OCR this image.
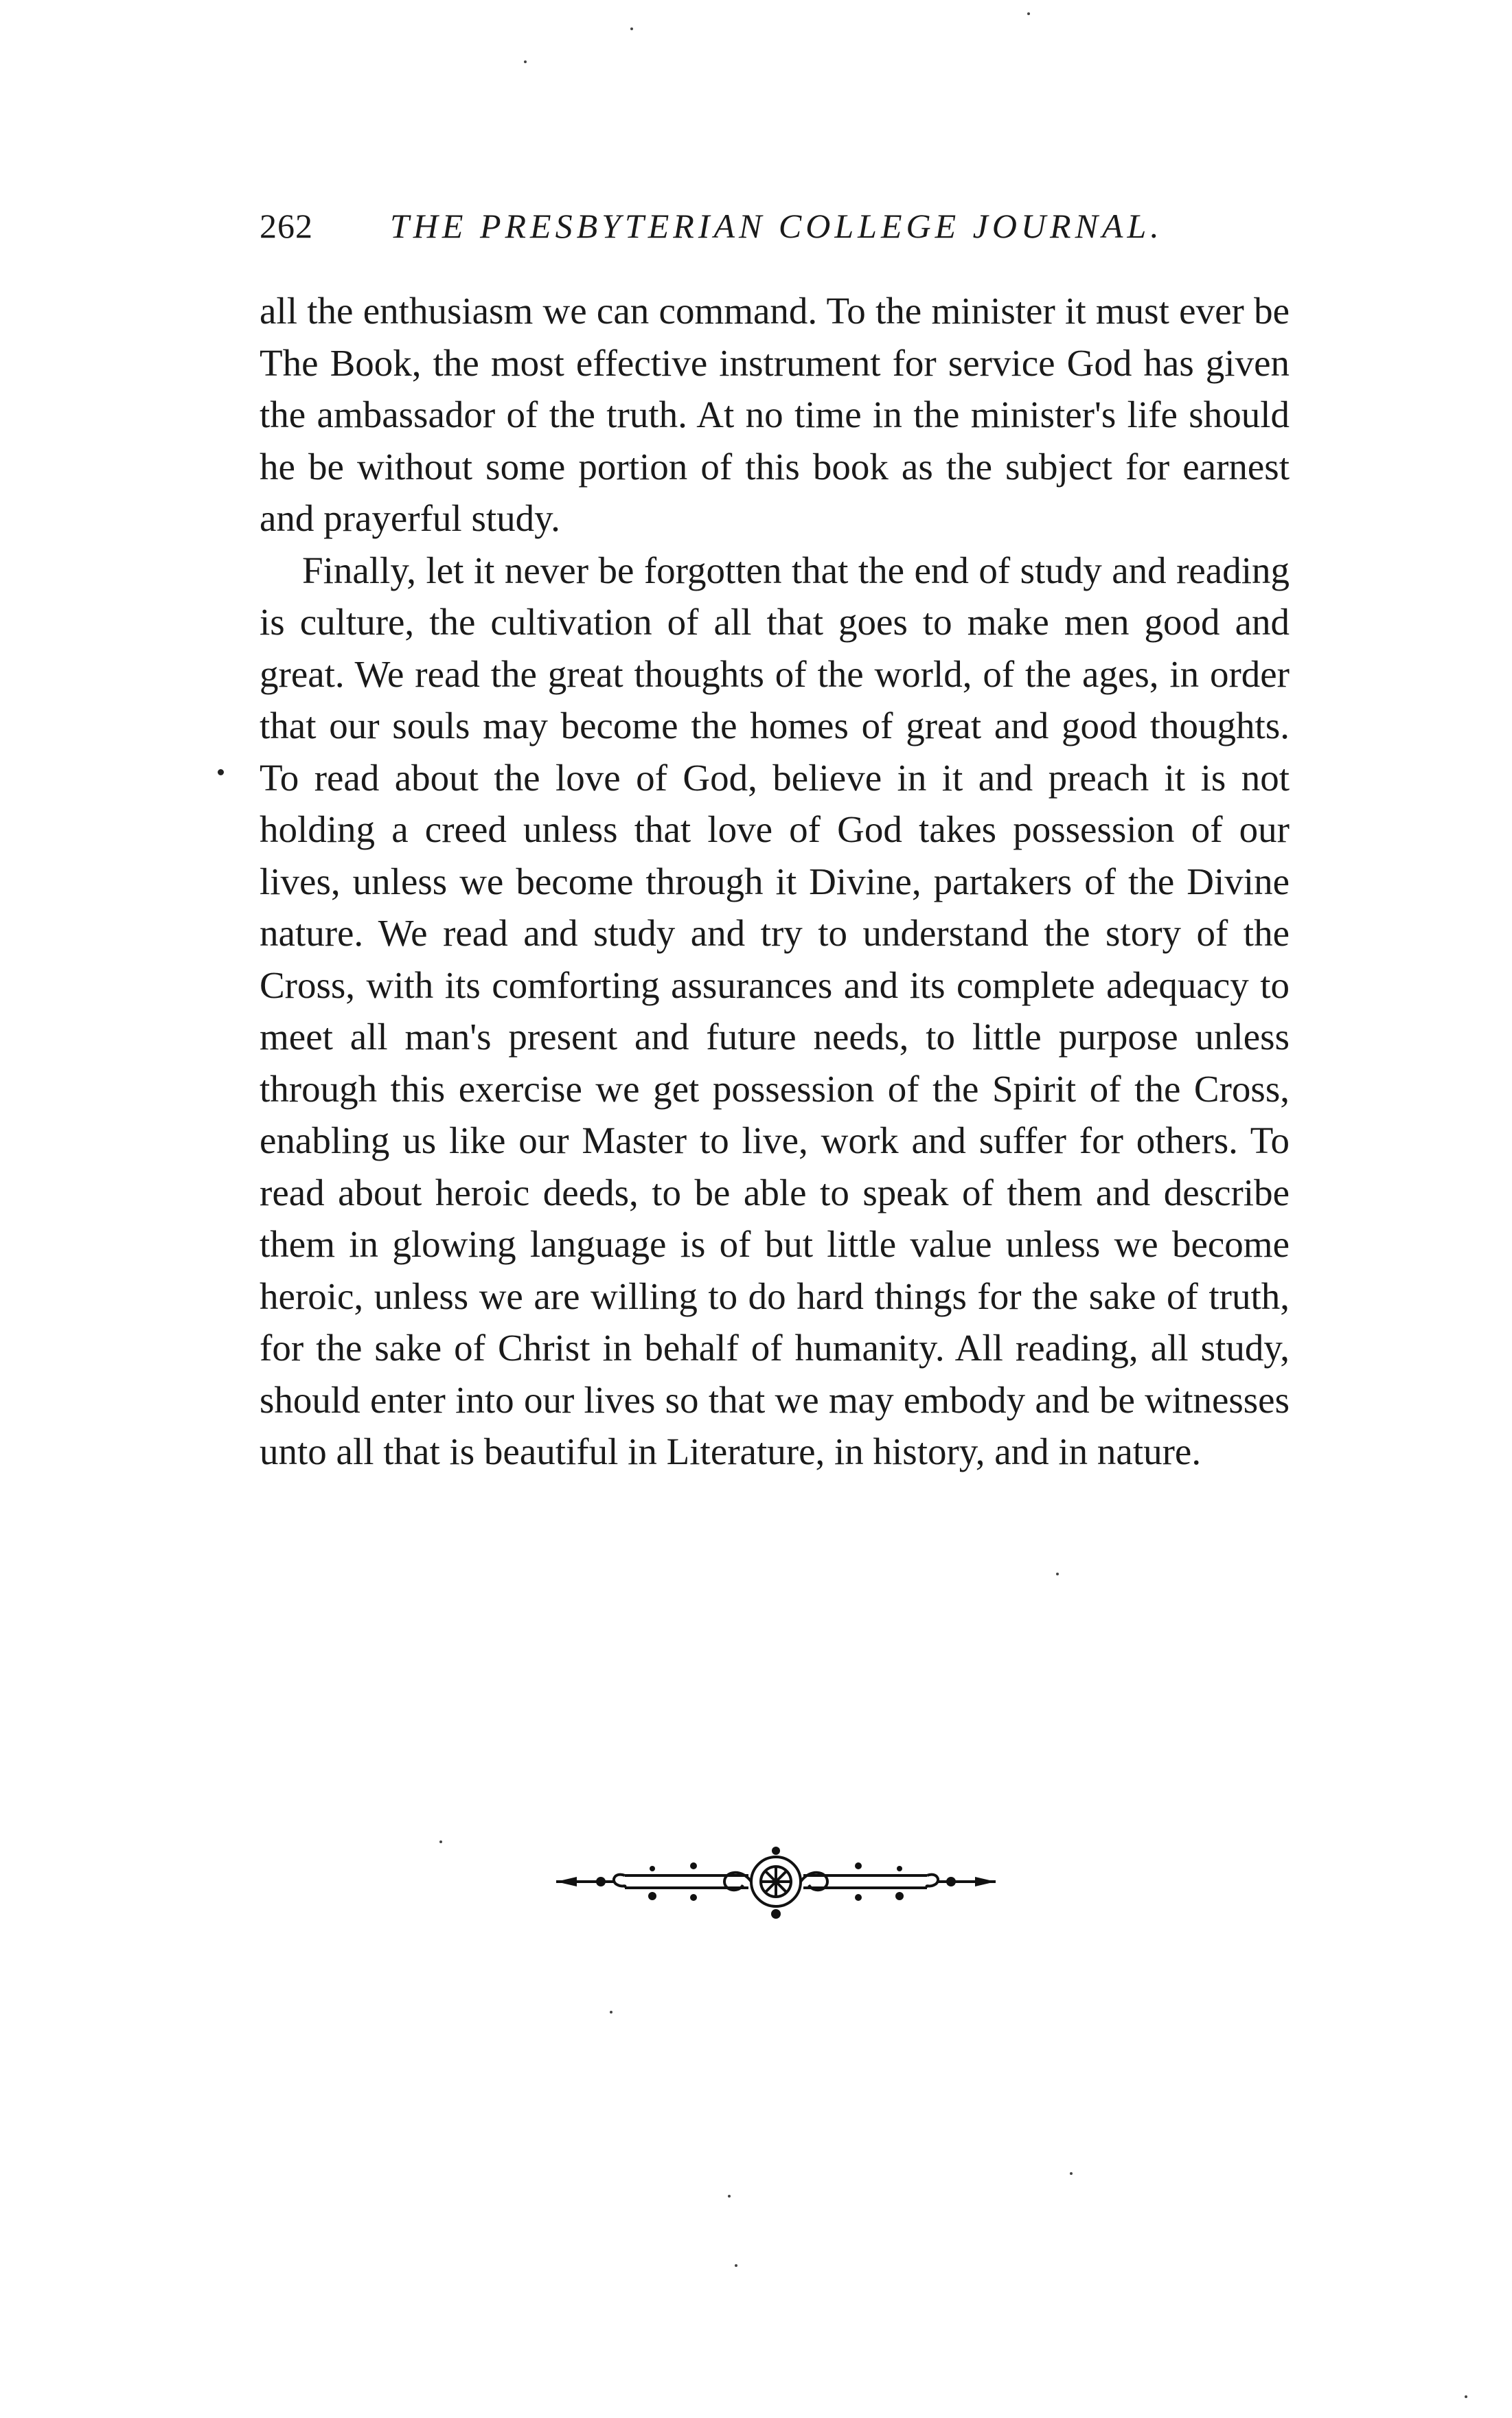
262 THE PRESBYTERIAN COLLEGE JOURNAL.

all the enthusiasm we can command. To the minister it must ever be The Book, the most effective instrument for service God has given the ambassador of the truth. At no time in the minister's life should he be without some portion of this book as the subject for earnest and prayerful study.

Finally, let it never be forgotten that the end of study and reading is culture, the cultivation of all that goes to make men good and great. We read the great thoughts of the world, of the ages, in order that our souls may become the homes of great and good thoughts. To read about the love of God, believe in it and preach it is not holding a creed unless that love of God takes possession of our lives, unless we become through it Divine, partakers of the Divine nature. We read and study and try to understand the story of the Cross, with its comforting assurances and its complete adequacy to meet all man's present and future needs, to little purpose unless through this exercise we get possession of the Spirit of the Cross, enabling us like our Master to live, work and suffer for others. To read about heroic deeds, to be able to speak of them and describe them in glowing language is of but little value unless we become heroic, unless we are willing to do hard things for the sake of truth, for the sake of Christ in behalf of humanity. All reading, all study, should enter into our lives so that we may embody and be witnesses unto all that is beautiful in Literature, in history, and in nature.
